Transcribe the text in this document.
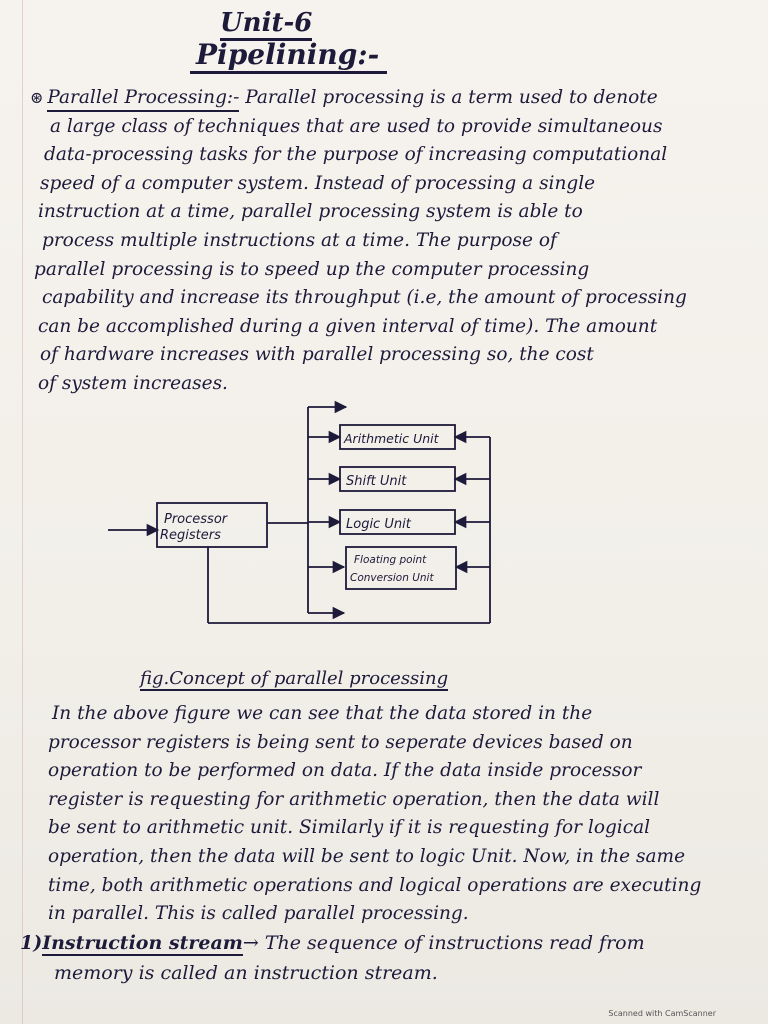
Unit-6
Pipelining:-
⊛ Parallel Processing:- Parallel processing is a term used to denote
a large class of techniques that are used to provide simultaneous
data-processing tasks for the purpose of increasing computational
speed of a computer system. Instead of processing a single
instruction at a time, parallel processing system is able to
process multiple instructions at a time. The purpose of
parallel processing is to speed up the computer processing
capability and increase its throughput (i.e, the amount of processing
can be accomplished during a given interval of time). The amount
of hardware increases with parallel processing so, the cost
of system increases.
Processor Registers
Arithmetic Unit
Shift Unit
Logic Unit
Floating point
Conversion Unit
fig.Concept of parallel processing
In the above figure we can see that the data stored in the
processor registers is being sent to seperate devices based on
operation to be performed on data. If the data inside processor
register is requesting for arithmetic operation, then the data will
be sent to arithmetic unit. Similarly if it is requesting for logical
operation, then the data will be sent to logic Unit. Now, in the same
time, both arithmetic operations and logical operations are executing
in parallel. This is called parallel processing.
1)Instruction stream→ The sequence of instructions read from
memory is called an instruction stream.
Scanned with CamScanner
